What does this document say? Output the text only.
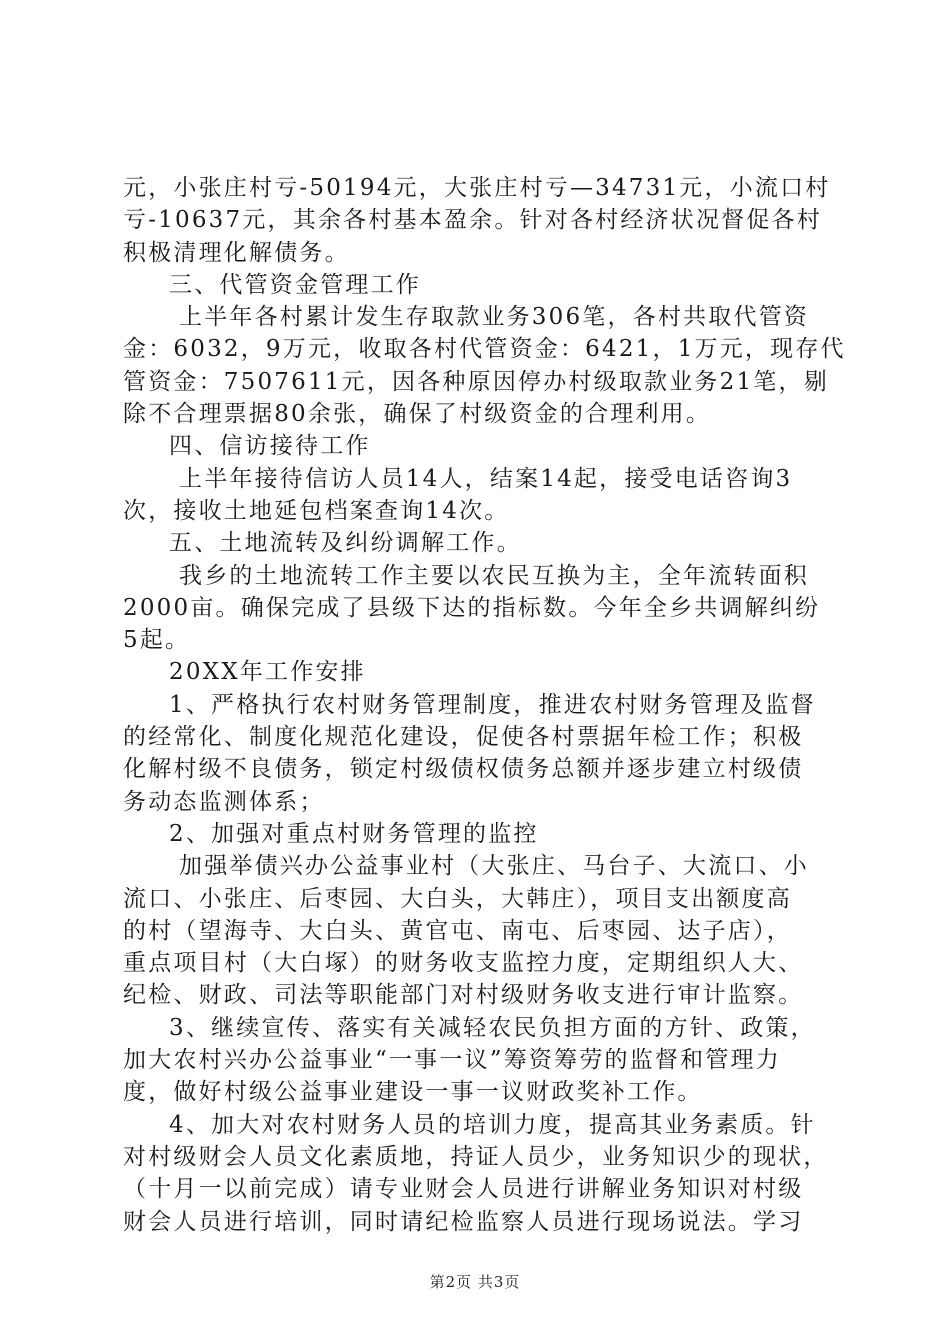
元，小张庄村亏-50194元，大张庄村亏—34731元，小流口村
亏-10637元，其余各村基本盈余。针对各村经济状况督促各村
积极清理化解债务。
三、代管资金管理工作
上半年各村累计发生存取款业务306笔，各村共取代管资
金：6032，9万元，收取各村代管资金：6421，1万元，现存代
管资金：7507611元，因各种原因停办村级取款业务21笔，剔
除不合理票据80余张，确保了村级资金的合理利用。
四、信访接待工作
上半年接待信访人员14人，结案14起，接受电话咨询3
次，接收土地延包档案查询14次。
五、土地流转及纠纷调解工作。
我乡的土地流转工作主要以农民互换为主，全年流转面积
2000亩。确保完成了县级下达的指标数。今年全乡共调解纠纷
5起。
20XX年工作安排
1、严格执行农村财务管理制度，推进农村财务管理及监督
的经常化、制度化规范化建设，促使各村票据年检工作；积极
化解村级不良债务，锁定村级债权债务总额并逐步建立村级债
务动态监测体系；
2、加强对重点村财务管理的监控
加强举债兴办公益事业村（大张庄、马台子、大流口、小
流口、小张庄、后枣园、大白头，大韩庄），项目支出额度高
的村（望海寺、大白头、黄官屯、南屯、后枣园、达子店），
重点项目村（大白塚）的财务收支监控力度，定期组织人大、
纪检、财政、司法等职能部门对村级财务收支进行审计监察。
3、继续宣传、落实有关减轻农民负担方面的方针、政策，
加大农村兴办公益事业“一事一议”筹资筹劳的监督和管理力
度，做好村级公益事业建设一事一议财政奖补工作。
4、加大对农村财务人员的培训力度，提高其业务素质。针
对村级财会人员文化素质地，持证人员少，业务知识少的现状，
（十月一以前完成）请专业财会人员进行讲解业务知识对村级
财会人员进行培训，同时请纪检监察人员进行现场说法。学习
第2页 共3页
